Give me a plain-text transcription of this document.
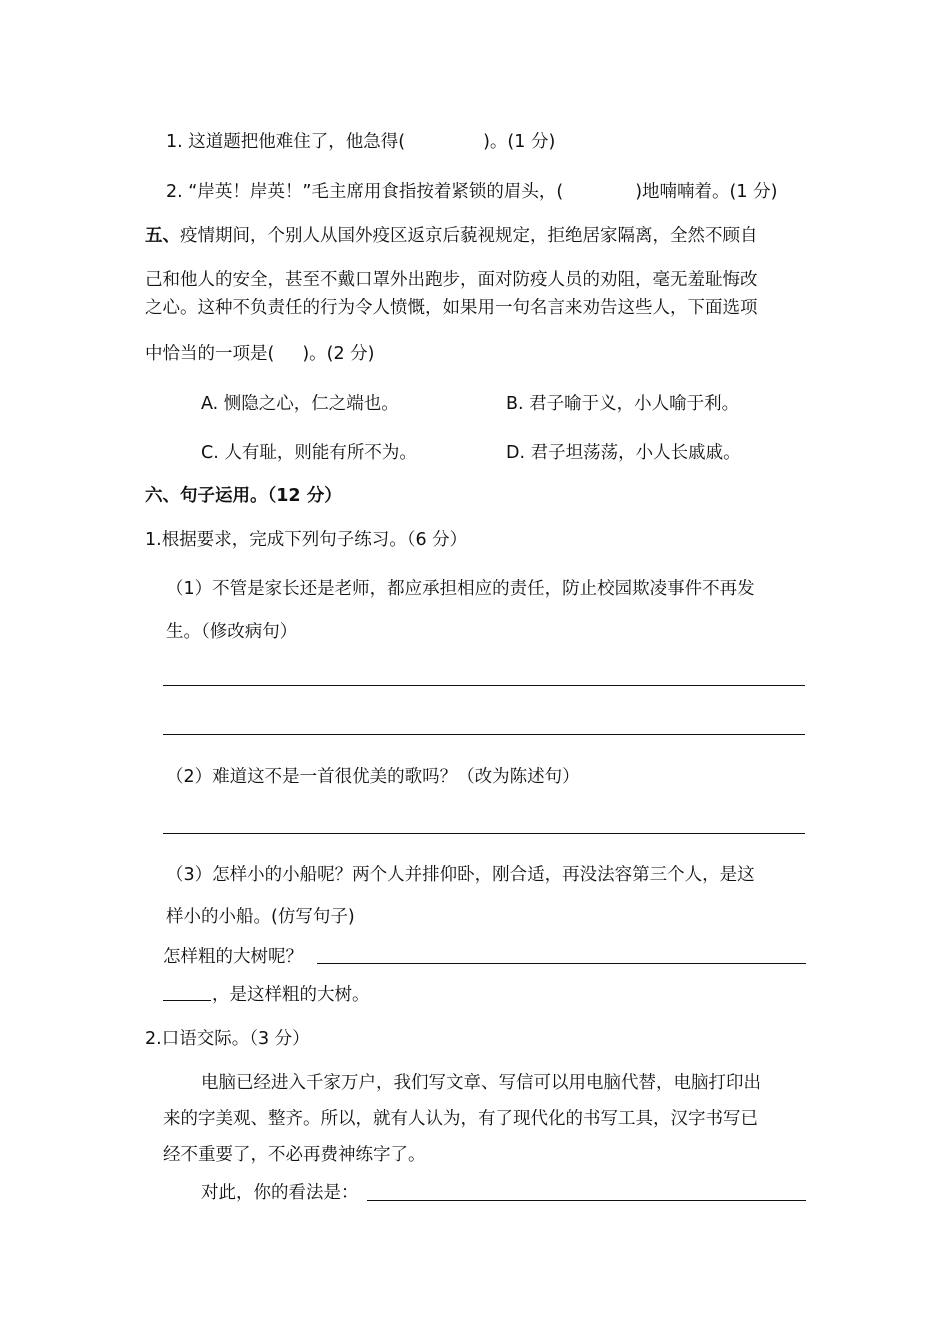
1. 这道题把他难住了，他急得(	)。(1 分)
2. “岸英！岸英！”毛主席用食指按着紧锁的眉头，(	)地喃喃着。(1 分)
五、疫情期间，个别人从国外疫区返京后藐视规定，拒绝居家隔离，全然不顾自
己和他人的安全，甚至不戴口罩外出跑步，面对防疫人员的劝阻，毫无羞耻悔改
之心。这种不负责任的行为令人愤慨，如果用一句名言来劝告这些人，下面选项
中恰当的一项是( )。(2 分)
A. 恻隐之心，仁之端也。	B. 君子喻于义，小人喻于利。
C. 人有耻，则能有所不为。	D. 君子坦荡荡，小人长戚戚。
六、句子运用。（12 分）
1.根据要求，完成下列句子练习。（6 分）
（1）不管是家长还是老师，都应承担相应的责任，防止校园欺凌事件不再发
生。（修改病句）
（2）难道这不是一首很优美的歌吗？（改为陈述句）
（3）怎样小的小船呢？两个人并排仰卧，刚合适，再没法容第三个人，是这
样小的小船。(仿写句子)
怎样粗的大树呢？
，是这样粗的大树。
2.口语交际。（3 分）
电脑已经进入千家万户，我们写文章、写信可以用电脑代替，电脑打印出
来的字美观、整齐。所以，就有人认为，有了现代化的书写工具，汉字书写已
经不重要了，不必再费神练字了。
对此，你的看法是：
